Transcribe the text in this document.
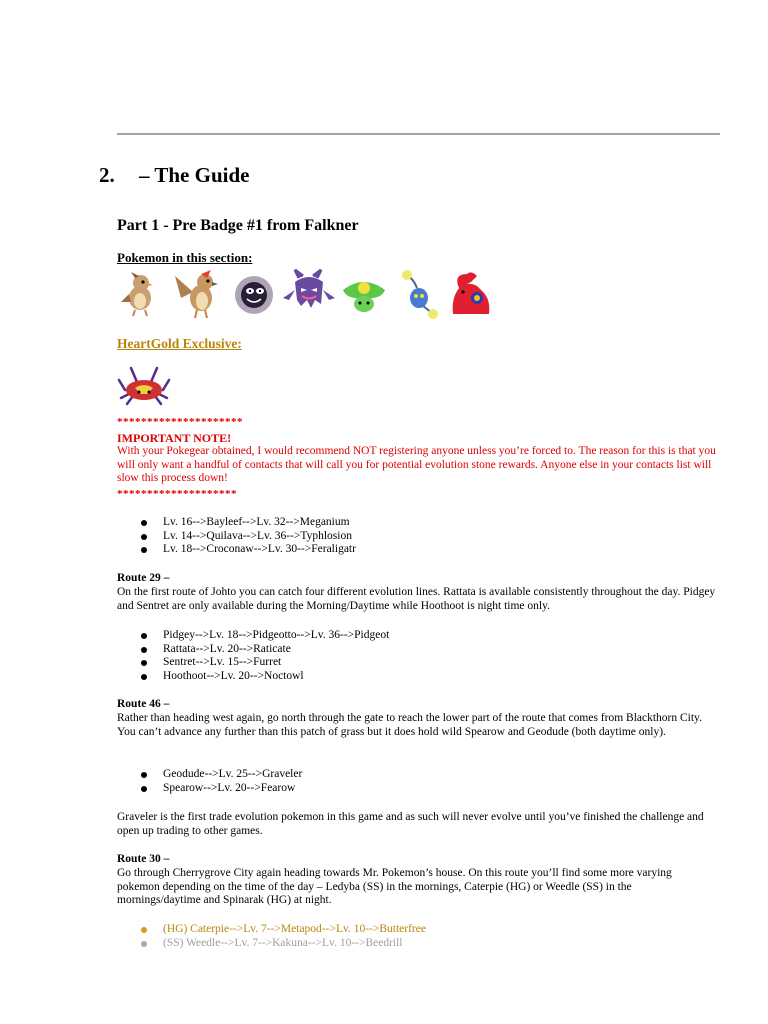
2. – The Guide
Part 1 - Pre Badge #1 from Falkner
Pokemon in this section:
HeartGold Exclusive:
*********************
IMPORTANT NOTE!
With your Pokegear obtained, I would recommend NOT registering anyone unless you’re forced to. The reason for this is that you will only want a handful of contacts that will call you for potential evolution stone rewards. Anyone else in your contacts list will slow this process down!
********************
Lv. 16-->Bayleef-->Lv. 32-->Meganium
Lv. 14-->Quilava-->Lv. 36-->Typhlosion
Lv. 18-->Croconaw-->Lv. 30-->Feraligatr
Route 29 –
On the first route of Johto you can catch four different evolution lines. Rattata is available consistently throughout the day. Pidgey and Sentret are only available during the Morning/Daytime while Hoothoot is night time only.
Pidgey-->Lv. 18-->Pidgeotto-->Lv. 36-->Pidgeot
Rattata-->Lv. 20-->Raticate
Sentret-->Lv. 15-->Furret
Hoothoot-->Lv. 20-->Noctowl
Route 46 –
Rather than heading west again, go north through the gate to reach the lower part of the route that comes from Blackthorn City. You can’t advance any further than this patch of grass but it does hold wild Spearow and Geodude (both daytime only).
Geodude-->Lv. 25-->Graveler
Spearow-->Lv. 20-->Fearow
Graveler is the first trade evolution pokemon in this game and as such will never evolve until you’ve finished the challenge and open up trading to other games.
Route 30 –
Go through Cherrygrove City again heading towards Mr. Pokemon’s house. On this route you’ll find some more varying pokemon depending on the time of the day – Ledyba (SS) in the mornings, Caterpie (HG) or Weedle (SS) in the mornings/daytime and Spinarak (HG) at night.
(HG) Caterpie-->Lv. 7-->Metapod-->Lv. 10-->Butterfree
(SS) Weedle-->Lv. 7-->Kakuna-->Lv. 10-->Beedrill
